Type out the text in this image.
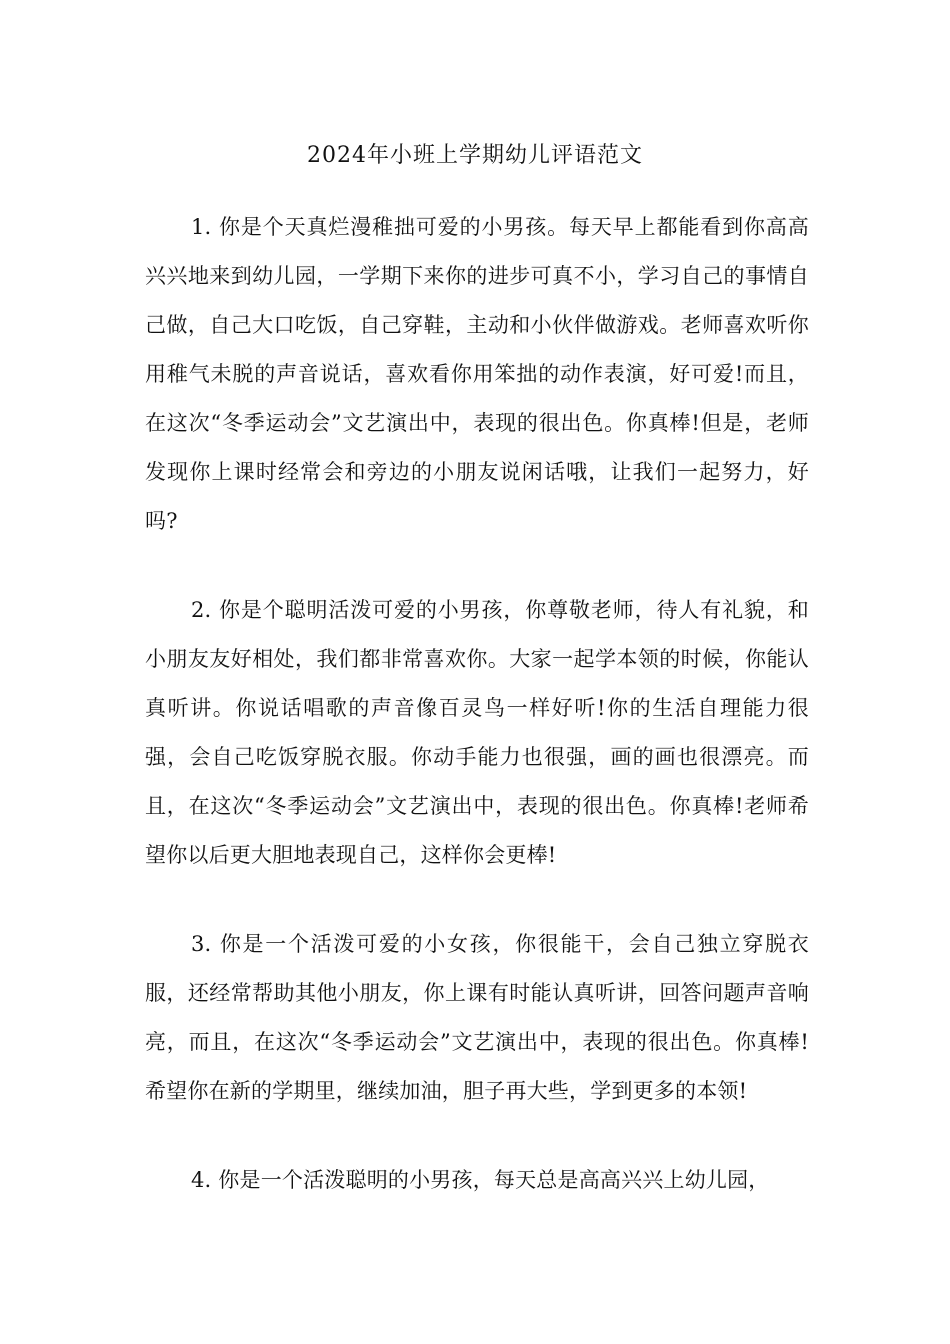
2024年小班上学期幼儿评语范文

1. 你是个天真烂漫稚拙可爱的小男孩。每天早上都能看到你高高兴兴地来到幼儿园，一学期下来你的进步可真不小，学习自己的事情自己做，自己大口吃饭，自己穿鞋，主动和小伙伴做游戏。老师喜欢听你用稚气未脱的声音说话，喜欢看你用笨拙的动作表演，好可爱!而且，在这次“冬季运动会”文艺演出中，表现的很出色。你真棒!但是，老师发现你上课时经常会和旁边的小朋友说闲话哦，让我们一起努力，好吗?

2. 你是个聪明活泼可爱的小男孩，你尊敬老师，待人有礼貌，和小朋友友好相处，我们都非常喜欢你。大家一起学本领的时候，你能认真听讲。你说话唱歌的声音像百灵鸟一样好听!你的生活自理能力很强，会自己吃饭穿脱衣服。你动手能力也很强，画的画也很漂亮。而且，在这次“冬季运动会”文艺演出中，表现的很出色。你真棒!老师希望你以后更大胆地表现自己，这样你会更棒!

3. 你是一个活泼可爱的小女孩，你很能干，会自己独立穿脱衣服，还经常帮助其他小朋友，你上课有时能认真听讲，回答问题声音响亮，而且，在这次“冬季运动会”文艺演出中，表现的很出色。你真棒!希望你在新的学期里，继续加油，胆子再大些，学到更多的本领!

4. 你是一个活泼聪明的小男孩，每天总是高高兴兴上幼儿园，
